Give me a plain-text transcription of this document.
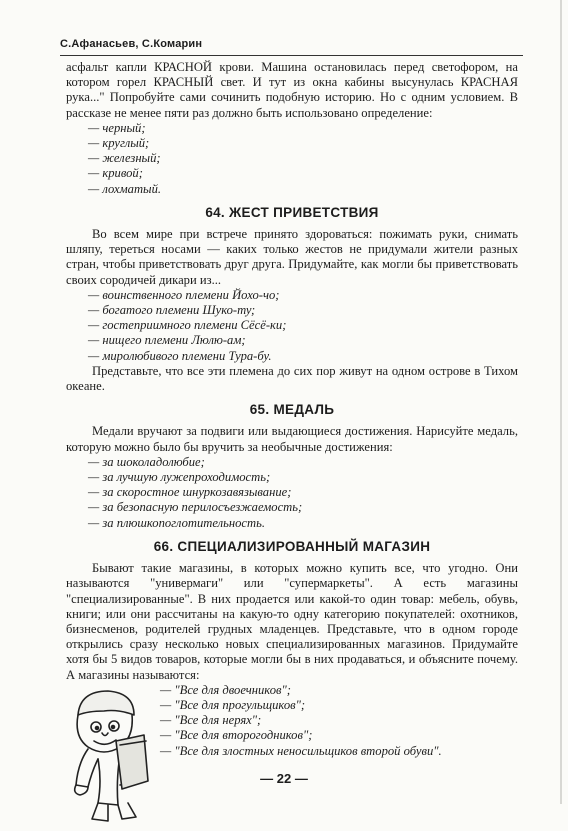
С.Афанасьев, С.Комарин

асфальт капли КРАСНОЙ крови. Машина остановилась перед светофором, на котором горел КРАСНЫЙ свет. И тут из окна кабины высунулась КРАСНАЯ рука..." Попробуйте сами сочинить подобную историю. Но с одним условием. В рассказе не менее пяти раз должно быть использовано определение:

— черный;
— круглый;
— железный;
— кривой;
— лохматый.
64. ЖЕСТ ПРИВЕТСТВИЯ

Во всем мире при встрече принято здороваться: пожимать руки, снимать шляпу, тереться носами — каких только жестов не придумали жители разных стран, чтобы приветствовать друг друга. Придумайте, как могли бы приветствовать своих сородичей дикари из...

— воинственного племени Йохо-чо;
— богатого племени Шуко-ту;
— гостеприимного племени Сёсё-ки;
— нищего племени Люлю-ам;
— миролюбивого племени Тура-бу.

Представьте, что все эти племена до сих пор живут на одном острове в Тихом океане.

65. МЕДАЛЬ

Медали вручают за подвиги или выдающиеся достижения. Нарисуйте медаль, которую можно было бы вручить за необычные достижения:

— за шоколадолюбие;
— за лучшую лужепроходимость;
— за скоростное шнуркозавязывание;
— за безопасную перилосъезжаемость;
— за плюшкопоглотительность.
66. СПЕЦИАЛИЗИРОВАННЫЙ МАГАЗИН

Бывают такие магазины, в которых можно купить все, что угодно. Они называются "универмаги" или "супермаркеты". А есть магазины "специализированные". В них продается или какой-то один товар: мебель, обувь, книги; или они рассчитаны на какую-то одну категорию покупателей: охотников, бизнесменов, родителей грудных младенцев. Представьте, что в одном городе открылись сразу несколько новых специализированных магазинов. Придумайте хотя бы 5 видов товаров, которые могли бы в них продаваться, и объясните почему. А магазины называются:

— "Все для двоечников";
— "Все для прогульщиков";
— "Все для неряx";
— "Все для второгодников";
— "Все для злостных неносильщиков второй обуви".
— 22 —
